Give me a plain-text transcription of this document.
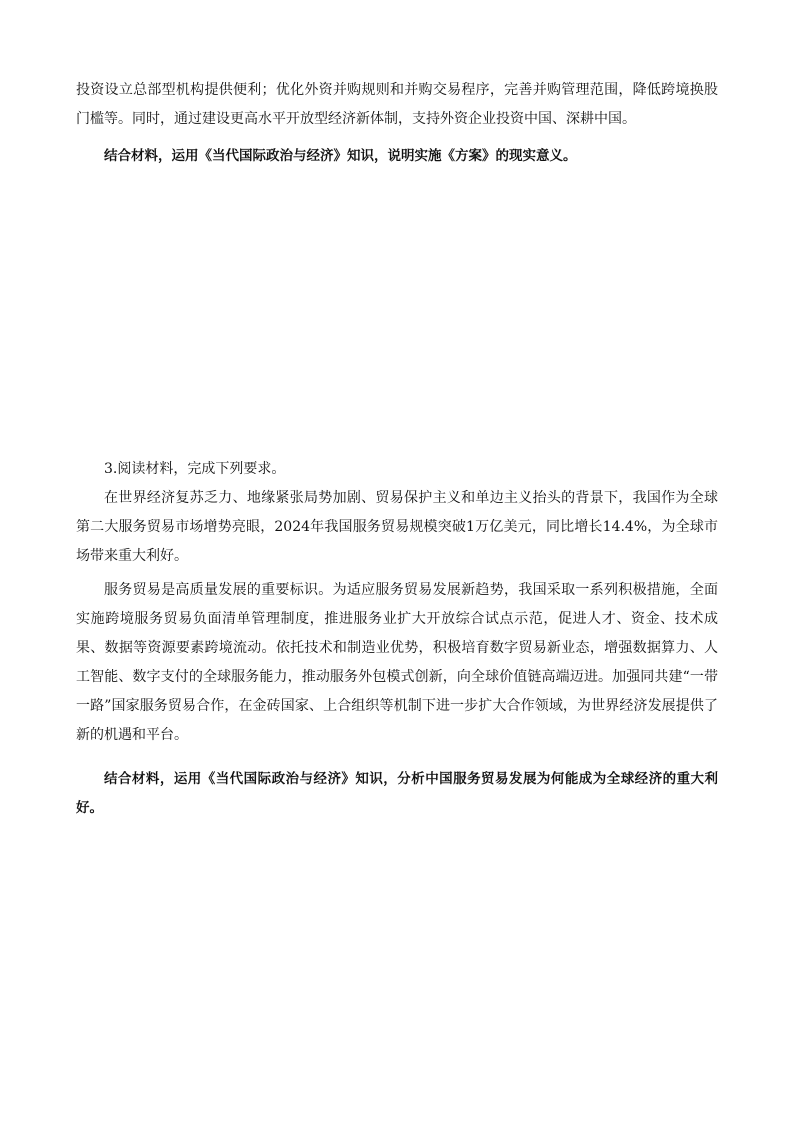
投资设立总部型机构提供便利；优化外资并购规则和并购交易程序，完善并购管理范围，降低跨境换股门槛等。同时，通过建设更高水平开放型经济新体制，支持外资企业投资中国、深耕中国。

结合材料，运用《当代国际政治与经济》知识，说明实施《方案》的现实意义。

3.阅读材料，完成下列要求。

在世界经济复苏乏力、地缘紧张局势加剧、贸易保护主义和单边主义抬头的背景下，我国作为全球第二大服务贸易市场增势亮眼，2024年我国服务贸易规模突破1万亿美元，同比增长14.4%，为全球市场带来重大利好。

服务贸易是高质量发展的重要标识。为适应服务贸易发展新趋势，我国采取一系列积极措施，全面实施跨境服务贸易负面清单管理制度，推进服务业扩大开放综合试点示范，促进人才、资金、技术成果、数据等资源要素跨境流动。依托技术和制造业优势，积极培育数字贸易新业态，增强数据算力、人工智能、数字支付的全球服务能力，推动服务外包模式创新，向全球价值链高端迈进。加强同共建“一带一路”国家服务贸易合作，在金砖国家、上合组织等机制下进一步扩大合作领域，为世界经济发展提供了新的机遇和平台。

结合材料，运用《当代国际政治与经济》知识，分析中国服务贸易发展为何能成为全球经济的重大利好。
